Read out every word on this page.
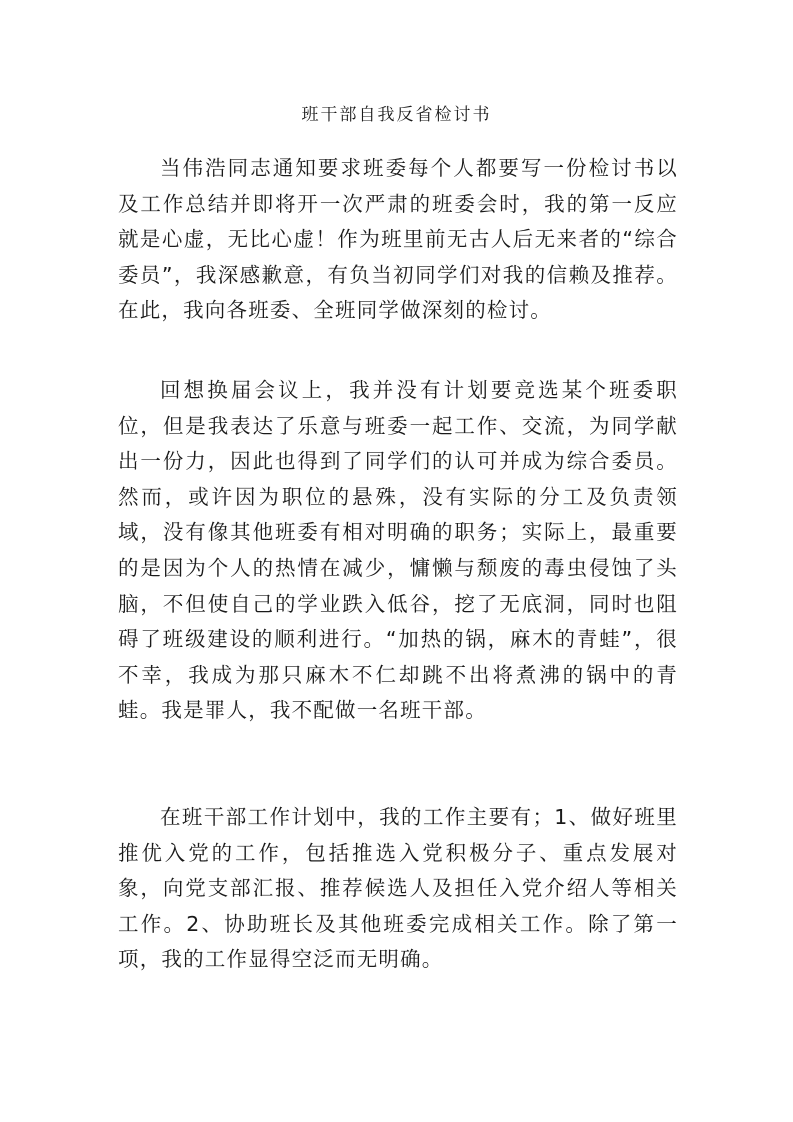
班干部自我反省检讨书

当伟浩同志通知要求班委每个人都要写一份检讨书以及工作总结并即将开一次严肃的班委会时，我的第一反应就是心虚，无比心虚！作为班里前无古人后无来者的“综合委员”，我深感歉意，有负当初同学们对我的信赖及推荐。在此，我向各班委、全班同学做深刻的检讨。

回想换届会议上，我并没有计划要竞选某个班委职位，但是我表达了乐意与班委一起工作、交流，为同学献出一份力，因此也得到了同学们的认可并成为综合委员。然而，或许因为职位的悬殊，没有实际的分工及负责领域，没有像其他班委有相对明确的职务；实际上，最重要的是因为个人的热情在减少，慵懒与颓废的毒虫侵蚀了头脑，不但使自己的学业跌入低谷，挖了无底洞，同时也阻碍了班级建设的顺利进行。“加热的锅，麻木的青蛙”，很不幸，我成为那只麻木不仁却跳不出将煮沸的锅中的青蛙。我是罪人，我不配做一名班干部。

在班干部工作计划中，我的工作主要有；1、做好班里推优入党的工作，包括推选入党积极分子、重点发展对象，向党支部汇报、推荐候选人及担任入党介绍人等相关工作。2、协助班长及其他班委完成相关工作。除了第一项，我的工作显得空泛而无明确。
